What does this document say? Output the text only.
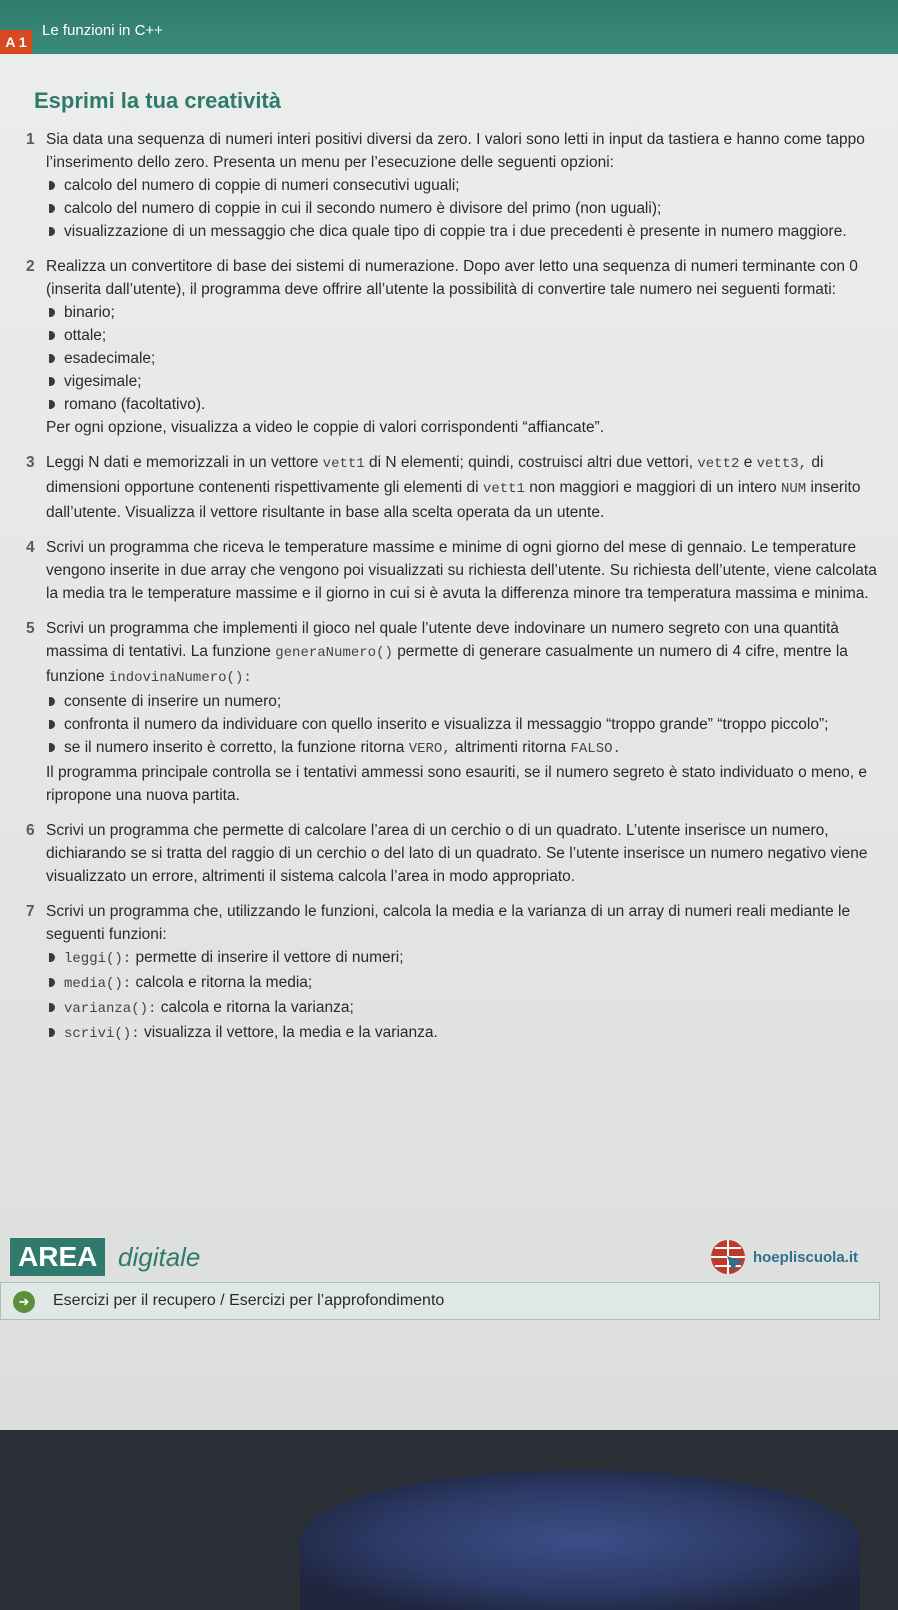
A 1
Le funzioni in C++
Esprimi la tua creatività
1 Sia data una sequenza di numeri interi positivi diversi da zero. I valori sono letti in input da tastiera e hanno come tappo l’inserimento dello zero. Presenta un menu per l’esecuzione delle seguenti opzioni:
calcolo del numero di coppie di numeri consecutivi uguali;
calcolo del numero di coppie in cui il secondo numero è divisore del primo (non uguali);
visualizzazione di un messaggio che dica quale tipo di coppie tra i due precedenti è presente in numero maggiore.
2 Realizza un convertitore di base dei sistemi di numerazione. Dopo aver letto una sequenza di numeri terminante con 0 (inserita dall’utente), il programma deve offrire all’utente la possibilità di convertire tale numero nei seguenti formati:
binario;
ottale;
esadecimale;
vigesimale;
romano (facoltativo).
Per ogni opzione, visualizza a video le coppie di valori corrispondenti “affiancate”.
3 Leggi N dati e memorizzali in un vettore vett1 di N elementi; quindi, costruisci altri due vettori, vett2 e vett3, di dimensioni opportune contenenti rispettivamente gli elementi di vett1 non maggiori e maggiori di un intero NUM inserito dall’utente. Visualizza il vettore risultante in base alla scelta operata da un utente.
4 Scrivi un programma che riceva le temperature massime e minime di ogni giorno del mese di gennaio. Le temperature vengono inserite in due array che vengono poi visualizzati su richiesta dell’utente. Su richiesta dell’utente, viene calcolata la media tra le temperature massime e il giorno in cui si è avuta la differenza minore tra temperatura massima e minima.
5 Scrivi un programma che implementi il gioco nel quale l’utente deve indovinare un numero segreto con una quantità massima di tentativi. La funzione generaNumero() permette di generare casualmente un numero di 4 cifre, mentre la funzione indovinaNumero():
consente di inserire un numero;
confronta il numero da individuare con quello inserito e visualizza il messaggio “troppo grande” “troppo piccolo”;
se il numero inserito è corretto, la funzione ritorna VERO, altrimenti ritorna FALSO.
Il programma principale controlla se i tentativi ammessi sono esauriti, se il numero segreto è stato individuato o meno, e ripropone una nuova partita.
6 Scrivi un programma che permette di calcolare l’area di un cerchio o di un quadrato. L’utente inserisce un numero, dichiarando se si tratta del raggio di un cerchio o del lato di un quadrato. Se l’utente inserisce un numero negativo viene visualizzato un errore, altrimenti il sistema calcola l’area in modo appropriato.
7 Scrivi un programma che, utilizzando le funzioni, calcola la media e la varianza di un array di numeri reali mediante le seguenti funzioni:
leggi(): permette di inserire il vettore di numeri;
media(): calcola e ritorna la media;
varianza(): calcola e ritorna la varianza;
scrivi(): visualizza il vettore, la media e la varianza.
AREA digitale	hoepliscuola.it
➜	Esercizi per il recupero / Esercizi per l’approfondimento
